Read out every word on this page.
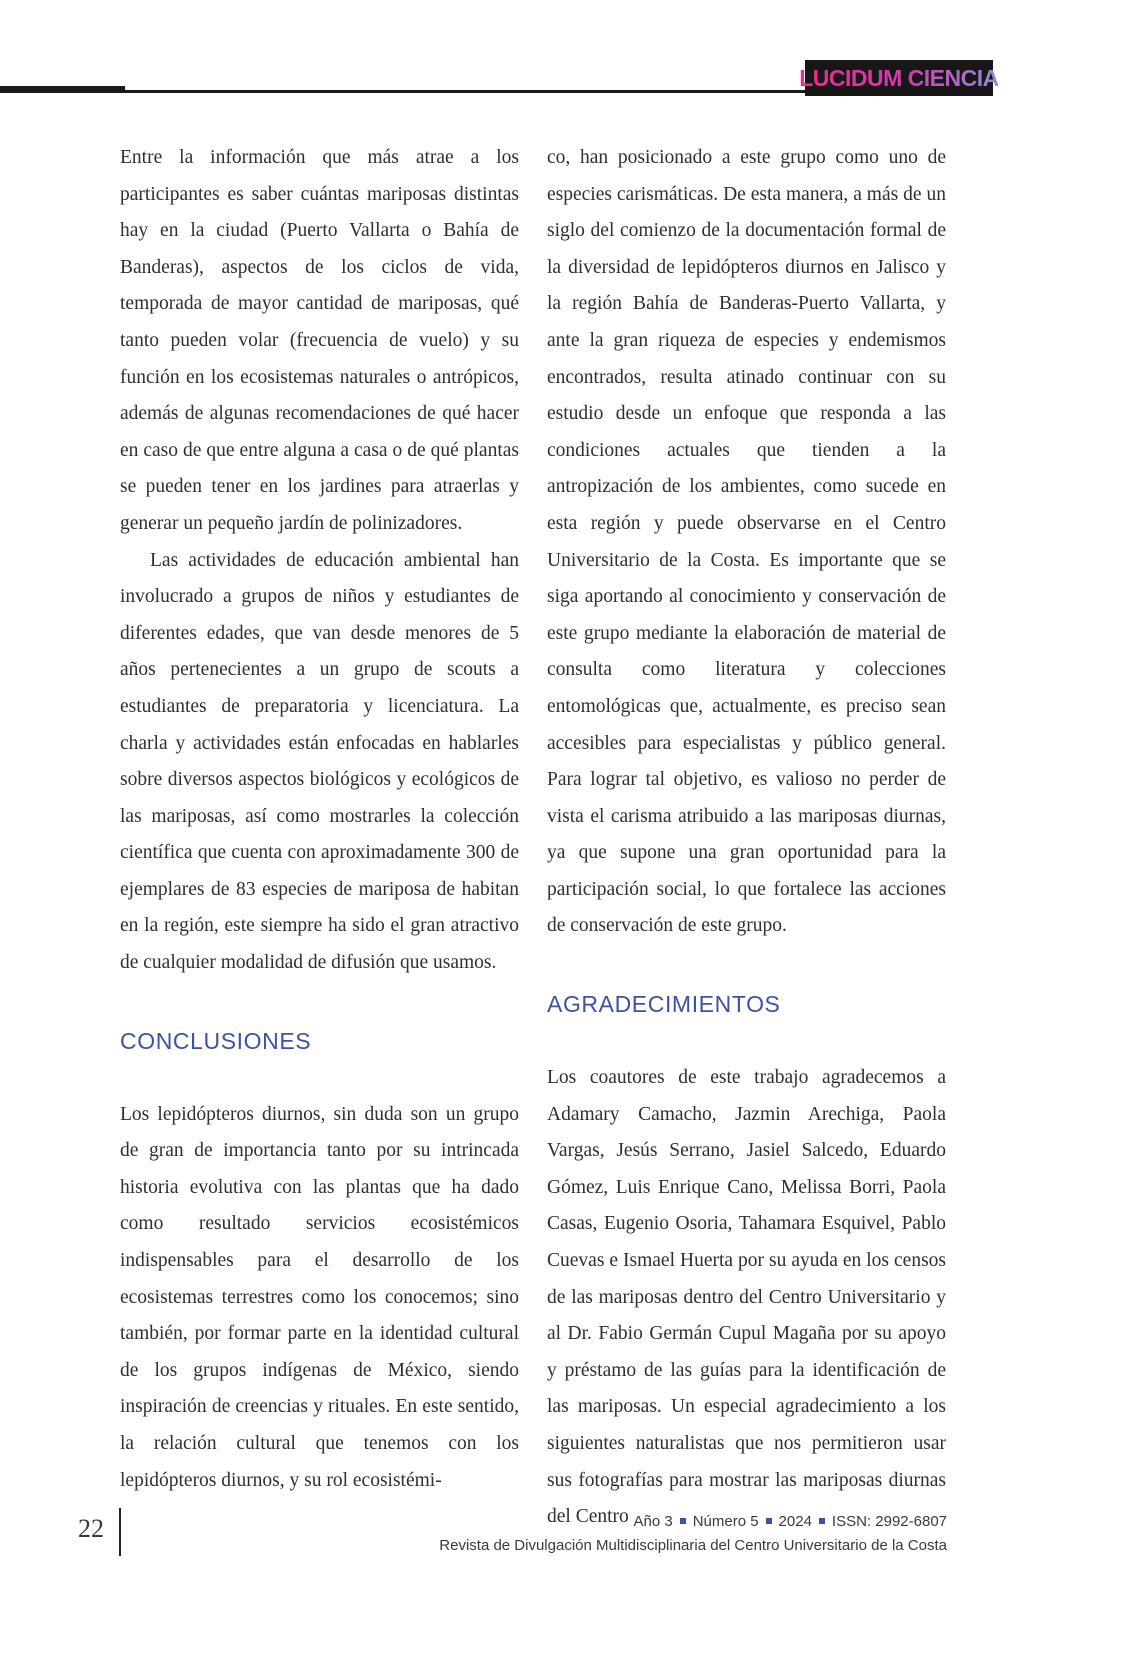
LUCIDUM CIENCIA

Entre la información que más atrae a los participantes es saber cuántas mariposas distintas hay en la ciudad (Puerto Vallarta o Bahía de Banderas), aspectos de los ciclos de vida, temporada de mayor cantidad de mariposas, qué tanto pueden volar (frecuencia de vuelo) y su función en los ecosistemas naturales o antrópicos, además de algunas recomendaciones de qué hacer en caso de que entre alguna a casa o de qué plantas se pueden tener en los jardines para atraerlas y generar un pequeño jardín de polinizadores.

Las actividades de educación ambiental han involucrado a grupos de niños y estudiantes de diferentes edades, que van desde menores de 5 años pertenecientes a un grupo de scouts a estudiantes de preparatoria y licenciatura. La charla y actividades están enfocadas en hablarles sobre diversos aspectos biológicos y ecológicos de las mariposas, así como mostrarles la colección científica que cuenta con aproximadamente 300 de ejemplares de 83 especies de mariposa de habitan en la región, este siempre ha sido el gran atractivo de cualquier modalidad de difusión que usamos.

CONCLUSIONES

Los lepidópteros diurnos, sin duda son un grupo de gran de importancia tanto por su intrincada historia evolutiva con las plantas que ha dado como resultado servicios ecosistémicos indispensables para el desarrollo de los ecosistemas terrestres como los conocemos; sino también, por formar parte en la identidad cultural de los grupos indígenas de México, siendo inspiración de creencias y rituales. En este sentido, la relación cultural que tenemos con los lepidópteros diurnos, y su rol ecosistémi-

co, han posicionado a este grupo como uno de especies carismáticas. De esta manera, a más de un siglo del comienzo de la documentación formal de la diversidad de lepidópteros diurnos en Jalisco y la región Bahía de Banderas-Puerto Vallarta, y ante la gran riqueza de especies y endemismos encontrados, resulta atinado continuar con su estudio desde un enfoque que responda a las condiciones actuales que tienden a la antropización de los ambientes, como sucede en esta región y puede observarse en el Centro Universitario de la Costa. Es importante que se siga aportando al conocimiento y conservación de este grupo mediante la elaboración de material de consulta como literatura y colecciones entomológicas que, actualmente, es preciso sean accesibles para especialistas y público general. Para lograr tal objetivo, es valioso no perder de vista el carisma atribuido a las mariposas diurnas, ya que supone una gran oportunidad para la participación social, lo que fortalece las acciones de conservación de este grupo.

AGRADECIMIENTOS

Los coautores de este trabajo agradecemos a Adamary Camacho, Jazmin Arechiga, Paola Vargas, Jesús Serrano, Jasiel Salcedo, Eduardo Gómez, Luis Enrique Cano, Melissa Borri, Paola Casas, Eugenio Osoria, Tahamara Esquivel, Pablo Cuevas e Ismael Huerta por su ayuda en los censos de las mariposas dentro del Centro Universitario y al Dr. Fabio Germán Cupul Magaña por su apoyo y préstamo de las guías para la identificación de las mariposas. Un especial agradecimiento a los siguientes naturalistas que nos permitieron usar sus fotografías para mostrar las mariposas diurnas del Centro

22	Año 3 Número 5 2024 ISSN: 2992-6807
Revista de Divulgación Multidisciplinaria del Centro Universitario de la Costa
